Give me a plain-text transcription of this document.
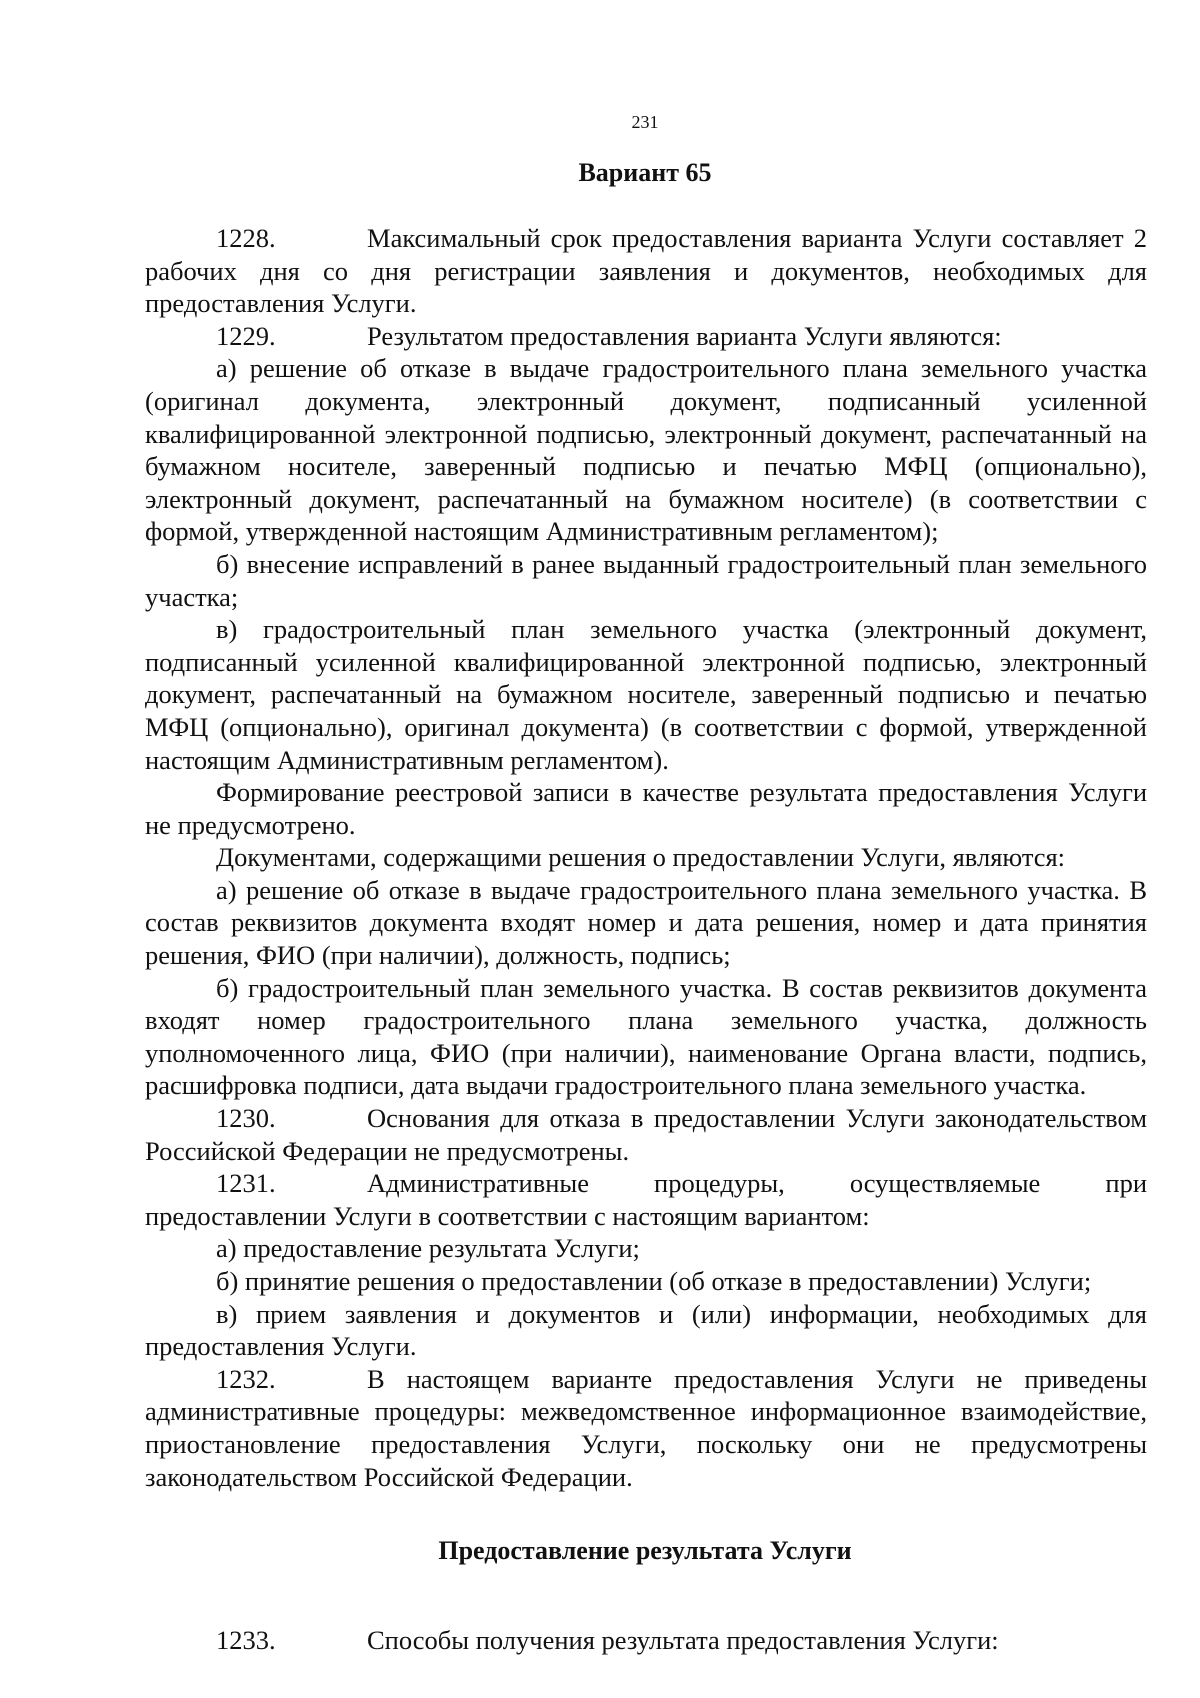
231
Вариант 65

1228.	Максимальный срок предоставления варианта Услуги составляет 2 рабочих дня со дня регистрации заявления и документов, необходимых для предоставления Услуги.

1229.	Результатом предоставления варианта Услуги являются:

а) решение об отказе в выдаче градостроительного плана земельного участка (оригинал документа, электронный документ, подписанный усиленной квалифицированной электронной подписью, электронный документ, распечатанный на бумажном носителе, заверенный подписью и печатью МФЦ (опционально), электронный документ, распечатанный на бумажном носителе) (в соответствии с формой, утвержденной настоящим Административным регламентом);

б) внесение исправлений в ранее выданный градостроительный план земельного участка;

в) градостроительный план земельного участка (электронный документ, подписанный усиленной квалифицированной электронной подписью, электронный документ, распечатанный на бумажном носителе, заверенный подписью и печатью МФЦ (опционально), оригинал документа) (в соответствии с формой, утвержденной настоящим Административным регламентом).

Формирование реестровой записи в качестве результата предоставления Услуги не предусмотрено.

Документами, содержащими решения о предоставлении Услуги, являются:

а) решение об отказе в выдаче градостроительного плана земельного участка. В состав реквизитов документа входят номер и дата решения, номер и дата принятия решения, ФИО (при наличии), должность, подпись;

б) градостроительный план земельного участка. В состав реквизитов документа входят номер градостроительного плана земельного участка, должность уполномоченного лица, ФИО (при наличии), наименование Органа власти, подпись, расшифровка подписи, дата выдачи градостроительного плана земельного участка.

1230.	Основания для отказа в предоставлении Услуги законодательством Российской Федерации не предусмотрены.

1231.	Административные процедуры, осуществляемые при предоставлении Услуги в соответствии с настоящим вариантом:

а) предоставление результата Услуги;

б) принятие решения о предоставлении (об отказе в предоставлении) Услуги;

в) прием заявления и документов и (или) информации, необходимых для предоставления Услуги.

1232.	В настоящем варианте предоставления Услуги не приведены административные процедуры: межведомственное информационное взаимодействие, приостановление предоставления Услуги, поскольку они не предусмотрены законодательством Российской Федерации.

Предоставление результата Услуги

1233.	Способы получения результата предоставления Услуги:
